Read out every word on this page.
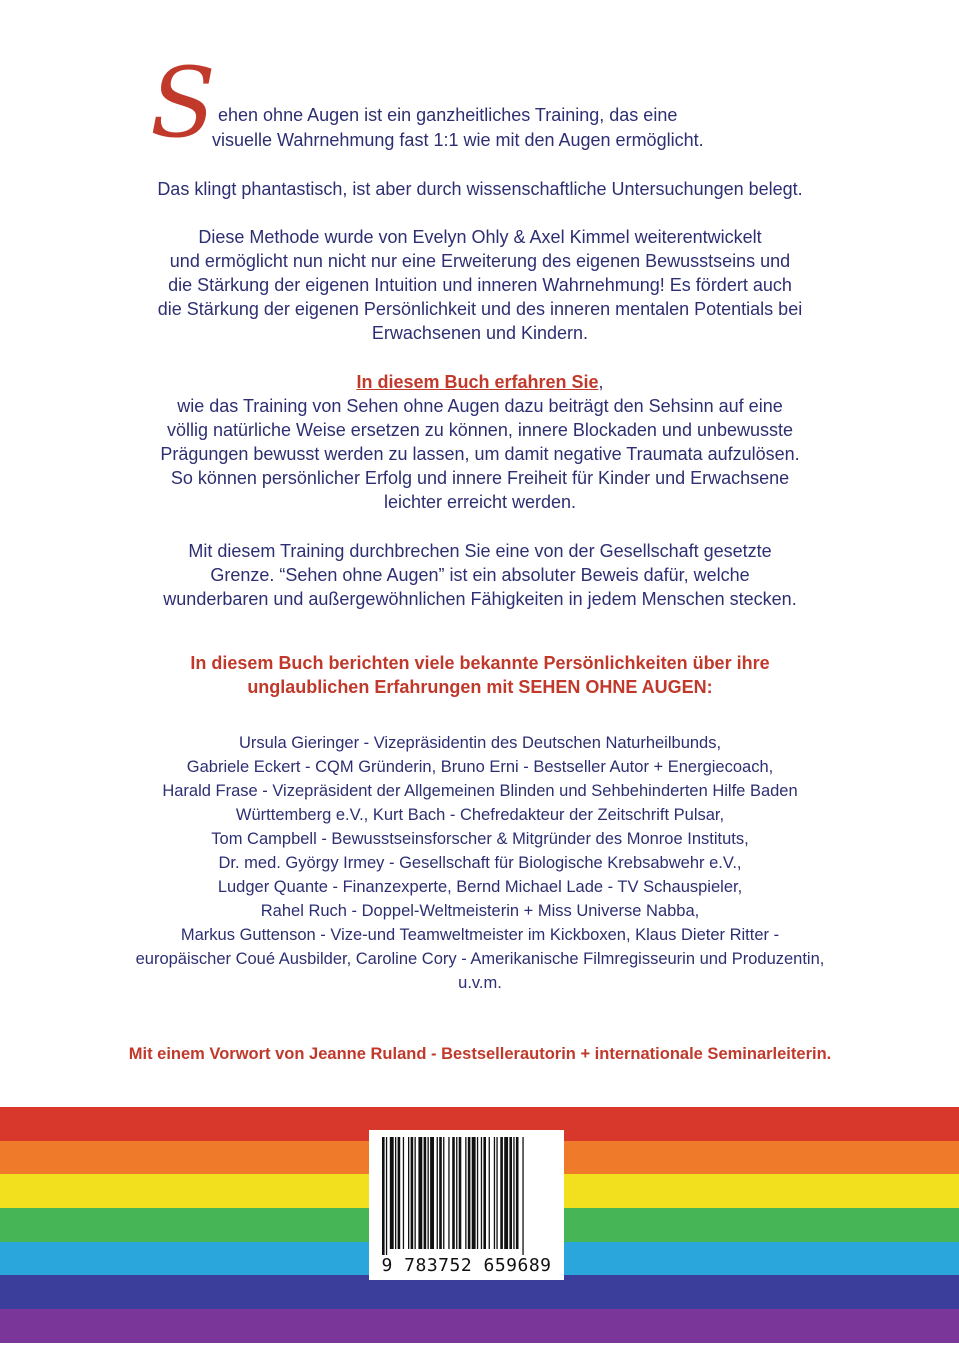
S ehen ohne Augen ist ein ganzheitliches Training, das eine
visuelle Wahrnehmung fast 1:1 wie mit den Augen ermöglicht.
Das klingt phantastisch, ist aber durch wissenschaftliche Untersuchungen belegt.
Diese Methode wurde von Evelyn Ohly & Axel Kimmel weiterentwickelt
und ermöglicht nun nicht nur eine Erweiterung des eigenen Bewusstseins und
die Stärkung der eigenen Intuition und inneren Wahrnehmung! Es fördert auch
die Stärkung der eigenen Persönlichkeit und des inneren mentalen Potentials bei
Erwachsenen und Kindern.
In diesem Buch erfahren Sie,
wie das Training von Sehen ohne Augen dazu beiträgt den Sehsinn auf eine
völlig natürliche Weise ersetzen zu können, innere Blockaden und unbewusste
Prägungen bewusst werden zu lassen, um damit negative Traumata aufzulösen.
So können persönlicher Erfolg und innere Freiheit für Kinder und Erwachsene
leichter erreicht werden.
Mit diesem Training durchbrechen Sie eine von der Gesellschaft gesetzte
Grenze. “Sehen ohne Augen” ist ein absoluter Beweis dafür, welche
wunderbaren und außergewöhnlichen Fähigkeiten in jedem Menschen stecken.
In diesem Buch berichten viele bekannte Persönlichkeiten über ihre
unglaublichen Erfahrungen mit SEHEN OHNE AUGEN:
Ursula Gieringer - Vizepräsidentin des Deutschen Naturheilbunds,
Gabriele Eckert - CQM Gründerin, Bruno Erni - Bestseller Autor + Energiecoach,
Harald Frase - Vizepräsident der Allgemeinen Blinden und Sehbehinderten Hilfe Baden
Württemberg e.V., Kurt Bach - Chefredakteur der Zeitschrift Pulsar,
Tom Campbell - Bewusstseinsforscher & Mitgründer des Monroe Instituts,
Dr. med. György Irmey - Gesellschaft für Biologische Krebsabwehr e.V.,
Ludger Quante - Finanzexperte, Bernd Michael Lade - TV Schauspieler,
Rahel Ruch - Doppel-Weltmeisterin + Miss Universe Nabba,
Markus Guttenson - Vize-und Teamweltmeister im Kickboxen, Klaus Dieter Ritter -
europäischer Coué Ausbilder, Caroline Cory - Amerikanische Filmregisseurin und Produzentin,
u.v.m.
Mit einem Vorwort von Jeanne Ruland - Bestsellerautorin + internationale Seminarleiterin.
9 783752 659689
